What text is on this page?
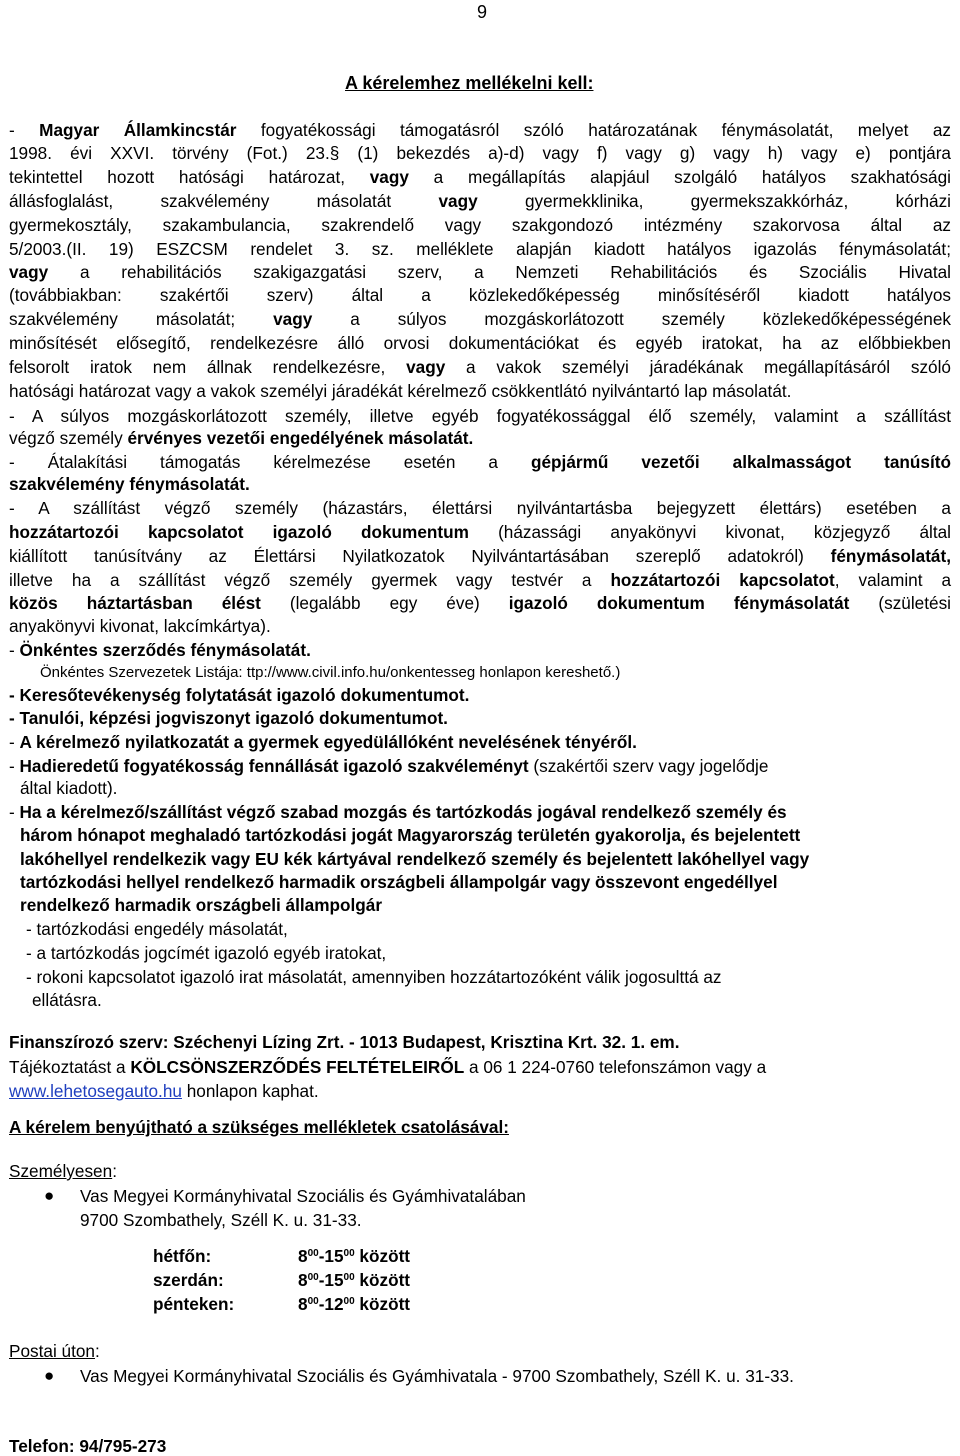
9
A kérelemhez mellékelni kell:
- Magyar Államkincstár fogyatékossági támogatásról szóló határozatának fénymásolatát, melyet az
1998. évi XXVI. törvény (Fot.) 23.§ (1) bekezdés a)-d) vagy f) vagy g) vagy h) vagy e) pontjára
tekintettel hozott hatósági határozat, vagy a megállapítás alapjául szolgáló hatályos szakhatósági
állásfoglalást, szakvélemény másolatát vagy gyermekklinika, gyermekszakkórház, kórházi
gyermekosztály, szakambulancia, szakrendelő vagy szakgondozó intézmény szakorvosa által az
5/2003.(II. 19) ESZCSM rendelet 3. sz. melléklete alapján kiadott hatályos igazolás fénymásolatát;
vagy a rehabilitációs szakigazgatási szerv, a Nemzeti Rehabilitációs és Szociális Hivatal
(továbbiakban: szakértői szerv) által a közlekedőképesség minősítéséről kiadott hatályos
szakvélemény másolatát; vagy a súlyos mozgáskorlátozott személy közlekedőképességének
minősítését elősegítő, rendelkezésre álló orvosi dokumentációkat és egyéb iratokat, ha az előbbiekben
felsorolt iratok nem állnak rendelkezésre, vagy a vakok személyi járadékának megállapításáról szóló
hatósági határozat vagy a vakok személyi járadékát kérelmező csökkentlátó nyilvántartó lap másolatát.
- A súlyos mozgáskorlátozott személy, illetve egyéb fogyatékossággal élő személy, valamint a szállítást
végző személy érvényes vezetői engedélyének másolatát.
- Átalakítási támogatás kérelmezése esetén a gépjármű vezetői alkalmasságot tanúsító
szakvélemény fénymásolatát.
- A szállítást végző személy (házastárs, élettársi nyilvántartásba bejegyzett élettárs) esetében a
hozzátartozói kapcsolatot igazoló dokumentum (házassági anyakönyvi kivonat, közjegyző által
kiállított tanúsítvány az Élettársi Nyilatkozatok Nyilvántartásában szereplő adatokról) fénymásolatát,
illetve ha a szállítást végző személy gyermek vagy testvér a hozzátartozói kapcsolatot, valamint a
közös háztartásban élést (legalább egy éve) igazoló dokumentum fénymásolatát (születési
anyakönyvi kivonat, lakcímkártya).
- Önkéntes szerződés fénymásolatát.
Önkéntes Szervezetek Listája: ttp://www.civil.info.hu/onkentesseg honlapon kereshető.)
- Keresőtevékenység folytatását igazoló dokumentumot.
- Tanulói, képzési jogviszonyt igazoló dokumentumot.
- A kérelmező nyilatkozatát a gyermek egyedülállóként nevelésének tényéről.
- Hadieredetű fogyatékosság fennállását igazoló szakvéleményt (szakértői szerv vagy jogelődje
által kiadott).
- Ha a kérelmező/szállítást végző szabad mozgás és tartózkodás jogával rendelkező személy és
három hónapot meghaladó tartózkodási jogát Magyarország területén gyakorolja, és bejelentett
lakóhellyel rendelkezik vagy EU kék kártyával rendelkező személy és bejelentett lakóhellyel vagy
tartózkodási hellyel rendelkező harmadik országbeli állampolgár vagy összevont engedéllyel
rendelkező harmadik országbeli állampolgár
- tartózkodási engedély másolatát,
- a tartózkodás jogcímét igazoló egyéb iratokat,
- rokoni kapcsolatot igazoló irat másolatát, amennyiben hozzátartozóként válik jogosulttá az
ellátásra.
Finanszírozó szerv: Széchenyi Lízing Zrt. - 1013 Budapest, Krisztina Krt. 32. 1. em.
Tájékoztatást a KÖLCSÖNSZERZŐDÉS FELTÉTELEIRŐL a 06 1 224-0760 telefonszámon vagy a
www.lehetosegauto.hu honlapon kaphat.
A kérelem benyújtható a szükséges mellékletek csatolásával:
Személyesen:
● Vas Megyei Kormányhivatal Szociális és Gyámhivatalában
9700 Szombathely, Széll K. u. 31-33.
hétfőn:	$8^{00}-15^{00}$ között
szerdán:	$8^{00}-15^{00}$ között
pénteken:	$8^{00}-12^{00}$ között
Postai úton:
● Vas Megyei Kormányhivatal Szociális és Gyámhivatala - 9700 Szombathely, Széll K. u. 31-33.
Telefon: 94/795-273
